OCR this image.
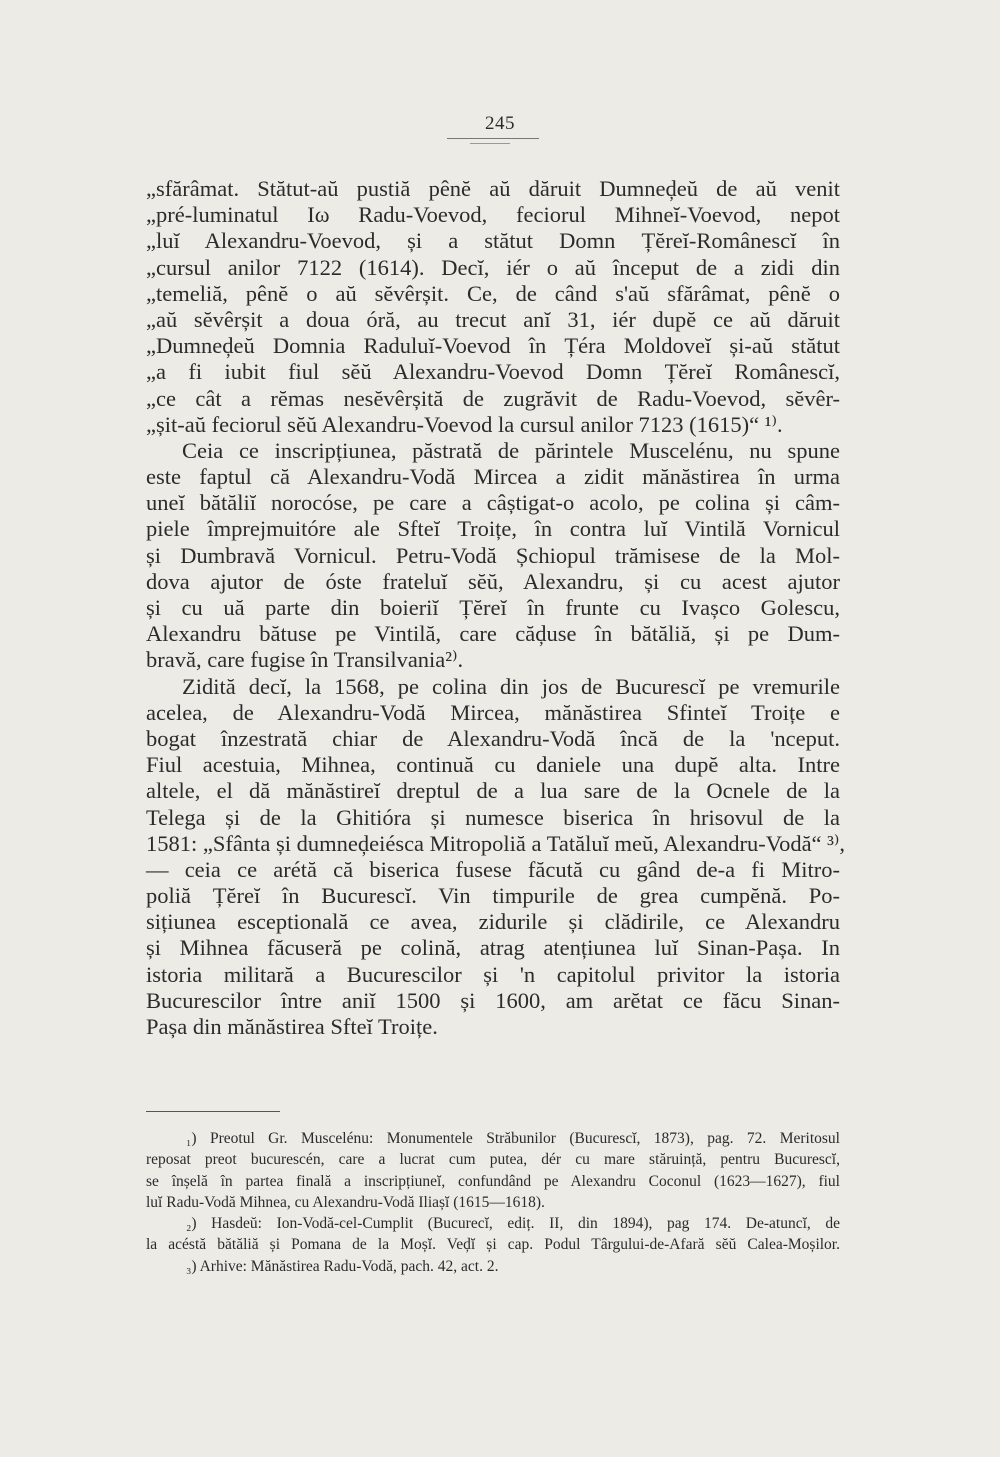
245
„sfărâmat. Stătut-aŭ pustiă pênĕ aŭ dăruit Dumneḑeŭ de aŭ venit
„pré-luminatul Iω Radu-Voevod, feciorul Mihneĭ-Voevod, nepot
„luĭ Alexandru-Voevod, și a stătut Domn Țĕreĭ-Românescĭ în
„cursul anilor 7122 (1614). Decĭ, iér o aŭ început de a zidi din
„temeliă, pênĕ o aŭ sĕvêrșit. Ce, de când s'aŭ sfărâmat, pênĕ o
„aŭ sĕvêrșit a doua óră, au trecut anĭ 31, iér dupĕ ce aŭ dăruit
„Dumneḑeŭ Domnia Raduluĭ-Voevod în Țéra Moldoveĭ și-aŭ stătut
„a fi iubit fiul sĕŭ Alexandru-Voevod Domn Țĕreĭ Românescĭ,
„ce cât a rĕmas nesĕvêrșită de zugrăvit de Radu-Voevod, sĕvêr-
„șit-aŭ feciorul sĕŭ Alexandru-Voevod la cursul anilor 7123 (1615)“ ¹⁾.
Ceia ce inscripțiunea, păstrată de părintele Muscelénu, nu spune
este faptul că Alexandru-Vodă Mircea a zidit mănăstirea în urma
uneĭ bătăliĭ norocóse, pe care a câștigat-o acolo, pe colina și câm-
piele împrejmuitóre ale Sfteĭ Troițe, în contra luĭ Vintilă Vornicul
și Dumbravă Vornicul. Petru-Vodă Șchiopul trămisese de la Mol-
dova ajutor de óste frateluĭ sĕŭ, Alexandru, și cu acest ajutor
și cu uă parte din boieriĭ Țĕreĭ în frunte cu Ivașco Golescu,
Alexandru bătuse pe Vintilă, care căḑuse în bătăliă, și pe Dum-
bravă, care fugise în Transilvania²⁾.
Zidită decĭ, la 1568, pe colina din jos de Bucurescĭ pe vremurile
acelea, de Alexandru-Vodă Mircea, mănăstirea Sfinteĭ Troițe e
bogat înzestrată chiar de Alexandru-Vodă încă de la 'nceput.
Fiul acestuia, Mihnea, continuă cu daniele una dupĕ alta. Intre
altele, el dă mănăstireĭ dreptul de a lua sare de la Ocnele de la
Telega și de la Ghitióra și numesce biserica în hrisovul de la
1581: „Sfânta și dumneḑeiésca Mitropoliă a Tatăluĭ meŭ, Alexandru-Vodă“ ³⁾,
— ceia ce arétă că biserica fusese făcută cu gând de-a fi Mitro-
poliă Țĕreĭ în Bucurescĭ. Vin timpurile de grea cumpĕnă. Po-
sițiunea esceptională ce avea, zidurile și clădirile, ce Alexandru
și Mihnea făcuseră pe colină, atrag atențiunea luĭ Sinan-Pașa. In
istoria militară a Bucurescilor și 'n capitolul privitor la istoria
Bucurescilor între aniĭ 1500 și 1600, am arĕtat ce făcu Sinan-
Pașa din mănăstirea Sfteĭ Troițe.
₁) Preotul Gr. Muscelénu: Monumentele Străbunilor (Bucurescĭ, 1873), pag. 72. Meritosul
reposat preot bucurescén, care a lucrat cum putea, dér cu mare stăruință, pentru Bucurescĭ,
se înșelă în partea finală a inscripțiuneĭ, confundând pe Alexandru Coconul (1623—1627), fiul
luĭ Radu-Vodă Mihnea, cu Alexandru-Vodă Iliașĭ (1615—1618).
₂) Hasdeŭ: Ion-Vodă-cel-Cumplit (Bucurecĭ, ediț. II, din 1894), pag 174. De-atuncĭ, de
la acéstă bătăliă și Pomana de la Moșĭ. Veḑĭ și cap. Podul Târgului-de-Afară sĕŭ Calea-Moșilor.
₃) Arhive: Mănăstirea Radu-Vodă, pach. 42, act. 2.
